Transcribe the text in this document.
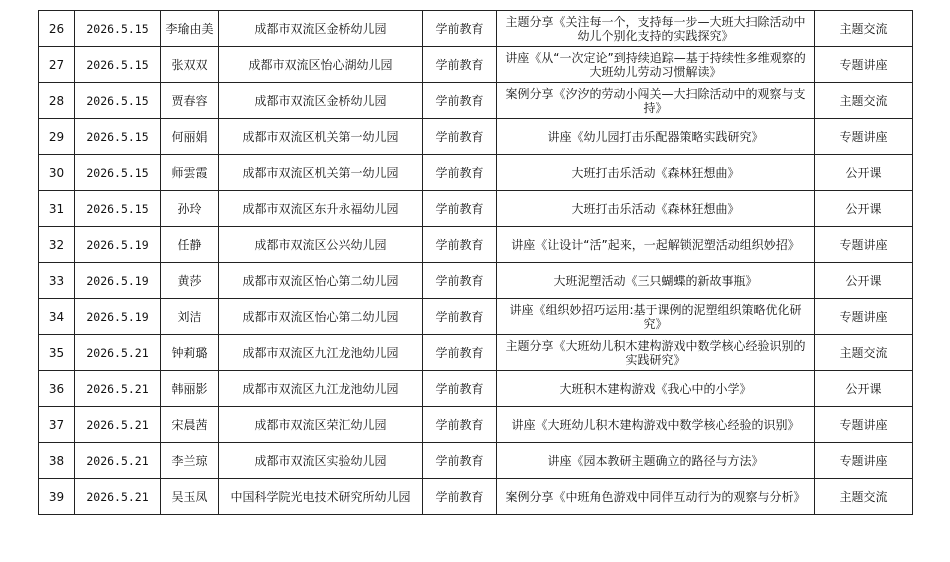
26	2026.5.15	李瑜由美	成都市双流区金桥幼儿园	学前教育	主题分享《关注每一个，支持每一步—大班大扫除活动中幼儿个别化支持的实践探究》	主题交流
27	2026.5.15	张双双	成都市双流区怡心湖幼儿园	学前教育	讲座《从“一次定论”到持续追踪—基于持续性多维观察的大班幼儿劳动习惯解读》	专题讲座
28	2026.5.15	贾春容	成都市双流区金桥幼儿园	学前教育	案例分享《汐汐的劳动小闯关—大扫除活动中的观察与支持》	主题交流
29	2026.5.15	何丽娟	成都市双流区机关第一幼儿园	学前教育	讲座《幼儿园打击乐配器策略实践研究》	专题讲座
30	2026.5.15	师雲霞	成都市双流区机关第一幼儿园	学前教育	大班打击乐活动《森林狂想曲》	公开课
31	2026.5.15	孙玲	成都市双流区东升永福幼儿园	学前教育	大班打击乐活动《森林狂想曲》	公开课
32	2026.5.19	任静	成都市双流区公兴幼儿园	学前教育	讲座《让设计“活”起来，一起解锁泥塑活动组织妙招》	专题讲座
33	2026.5.19	黄莎	成都市双流区怡心第二幼儿园	学前教育	大班泥塑活动《三只蝴蝶的新故事瓶》	公开课
34	2026.5.19	刘洁	成都市双流区怡心第二幼儿园	学前教育	讲座《组织妙招巧运用:基于课例的泥塑组织策略优化研究》	专题讲座
35	2026.5.21	钟莉璐	成都市双流区九江龙池幼儿园	学前教育	主题分享《大班幼儿积木建构游戏中数学核心经验识别的实践研究》	主题交流
36	2026.5.21	韩丽影	成都市双流区九江龙池幼儿园	学前教育	大班积木建构游戏《我心中的小学》	公开课
37	2026.5.21	宋晨茜	成都市双流区荣汇幼儿园	学前教育	讲座《大班幼儿积木建构游戏中数学核心经验的识别》	专题讲座
38	2026.5.21	李兰琼	成都市双流区实验幼儿园	学前教育	讲座《园本教研主题确立的路径与方法》	专题讲座
39	2026.5.21	吴玉凤	中国科学院光电技术研究所幼儿园	学前教育	案例分享《中班角色游戏中同伴互动行为的观察与分析》	主题交流
